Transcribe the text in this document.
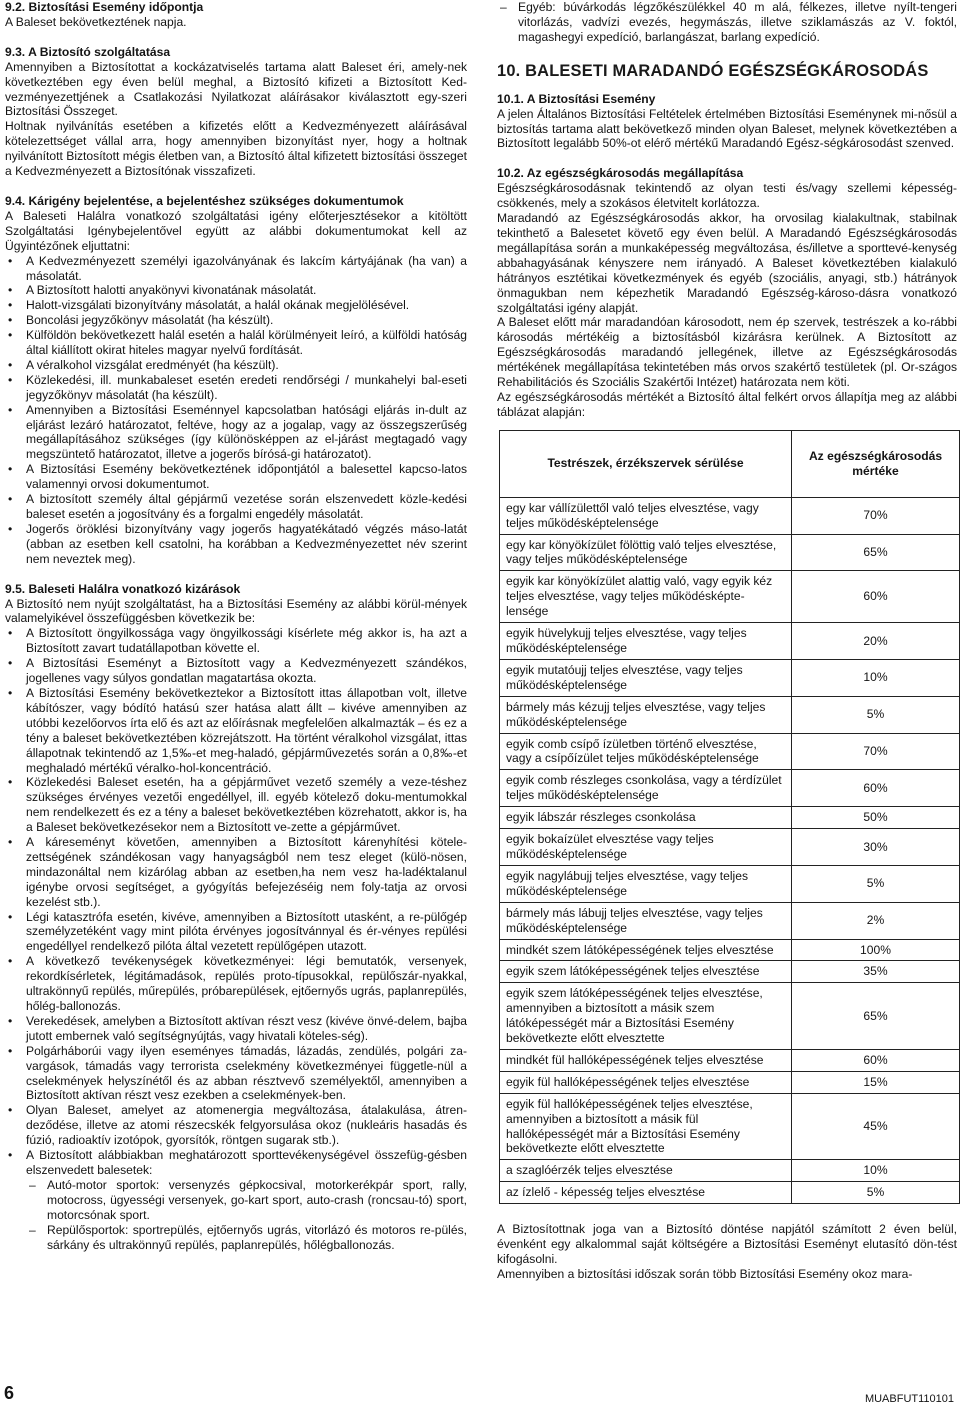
9.2. Biztosítási Esemény időpontja

A Baleset bekövetkeztének napja.

9.3. A Biztosító szolgáltatása

Amennyiben a Biztosítottat a kockázatviselés tartama alatt Baleset éri, amely-nek következtében egy éven belül meghal, a Biztosító kifizeti a Biztosított Ked-vezményezettjének a Csatlakozási Nyilatkozat aláírásakor kiválasztott egy-szeri Biztosítási Összeget.

Holtnak nyilvánítás esetében a kifizetés előtt a Kedvezményezett aláírásával kötelezettséget vállal arra, hogy amennyiben bizonyítást nyer, hogy a holtnak nyilvánított Biztosított mégis életben van, a Biztosító által kifizetett biztosítási összeget a Kedvezményezett a Biztosítónak visszafizeti.

9.4. Kárigény bejelentése, a bejelentéshez szükséges dokumentumok

A Baleseti Halálra vonatkozó szolgáltatási igény előterjesztésekor a kitöltött Szolgáltatási Igénybejelentővel együtt az alábbi dokumentumokat kell az Ügyintézőnek eljuttatni:

• A Kedvezményezett személyi igazolványának és lakcím kártyájának (ha van) a másolatát.
• A Biztosított halotti anyakönyvi kivonatának másolatát.
• Halott-vizsgálati bizonyítvány másolatát, a halál okának megjelölésével.
• Boncolási jegyzőkönyv másolatát (ha készült).
• Külföldön bekövetkezett halál esetén a halál körülményeit leíró, a külföldi hatóság által kiállított okirat hiteles magyar nyelvű fordítását.
• A véralkohol vizsgálat eredményét (ha készült).
• Közlekedési, ill. munkabaleset esetén eredeti rendőrségi / munkahelyi bal-eseti jegyzőkönyv másolatát (ha készült).
• Amennyiben a Biztosítási Eseménnyel kapcsolatban hatósági eljárás in-dult az eljárást lezáró határozatot, feltéve, hogy az a jogalap, vagy az összegszerűség megállapításához szükséges (így különösképpen az el-járást megtagadó vagy megszüntető határozatot, illetve a jogerős bírósá-gi határozatot).
• A Biztosítási Esemény bekövetkeztének időpontjától a balesettel kapcso-latos valamennyi orvosi dokumentumot.
• A biztosított személy által gépjármű vezetése során elszenvedett közle-kedési baleset esetén a jogosítvány és a forgalmi engedély másolatát.
• Jogerős öröklési bizonyítvány vagy jogerős hagyatékátadó végzés máso-latát (abban az esetben kell csatolni, ha korábban a Kedvezményezettet név szerint nem neveztek meg).
9.5. Baleseti Halálra vonatkozó kizárások

A Biztosító nem nyújt szolgáltatást, ha a Biztosítási Esemény az alábbi körül-mények valamelyikével összefüggésben következik be:

• A Biztosított öngyilkossága vagy öngyilkossági kísérlete még akkor is, ha azt a Biztosított zavart tudatállapotban követte el.
• A Biztosítási Eseményt a Biztosított vagy a Kedvezményezett szándékos, jogellenes vagy súlyos gondatlan magatartása okozta.
• A Biztosítási Esemény bekövetkeztekor a Biztosított ittas állapotban volt, illetve kábítószer, vagy bódító hatású szer hatása alatt állt – kivéve amennyiben az utóbbi kezelőorvos írta elő és azt az előírásnak megfelelően alkalmazták – és ez a tény a baleset bekövetkeztében közrejátszott. Ha történt véralkohol vizsgálat, ittas állapotnak tekintendő az 1,5‰-et meg-haladó, gépjárművezetés során a 0,8‰-et meghaladó mértékű véralko-hol-koncentráció.
• Közlekedési Baleset esetén, ha a gépjárművet vezető személy a veze-téshez szükséges érvényes vezetői engedéllyel, ill. egyéb kötelező doku-mentumokkal nem rendelkezett és ez a tény a baleset bekövetkeztében közrehatott, akkor is, ha a Baleset bekövetkezésekor nem a Biztosított ve-zette a gépjárművet.
• A káreseményt követően, amennyiben a Biztosított kárenyhítési kötele-zettségének szándékosan vagy hanyagságból nem tesz eleget (külö-nösen, mindazonáltal nem kizárólag abban az esetben,ha nem vesz ha-ladéktalanul igénybe orvosi segítséget, a gyógyítás befejezéséig nem foly-tatja az orvosi kezelést stb.).
• Légi katasztrófa esetén, kivéve, amennyiben a Biztosított utasként, a re-pülőgép személyzetéként vagy mint pilóta érvényes jogosítvánnyal és ér-vényes repülési engedéllyel rendelkező pilóta által vezetett repülőgépen utazott.
• A következő tevékenységek következményei: légi bemutatók, versenyek, rekordkísérletek, légitámadások, repülés proto-típusokkal, repülőszár-nyakkal, ultrakönnyű repülés, műrepülés, próbarepülések, ejtőernyős ugrás, paplanrepülés, hőlég-ballonozás.
• Verekedések, amelyben a Biztosított aktívan részt vesz (kivéve önvé-delem, bajba jutott embernek való segítségnyújtás, vagy hivatali köteles-ség).
• Polgárháborúi vagy ilyen eseményes támadás, lázadás, zendülés, polgári za-vargások, támadás vagy terrorista cselekmény következményei függetle-nül a cselekmények helyszínétől és az abban résztvevő személyektől, amennyiben a Biztosított aktívan részt vesz ezekben a cselekmények-ben.
• Olyan Baleset, amelyet az atomenergia megváltozása, átalakulása, átren-deződése, illetve az atomi részecskék felgyorsulása okoz (nukleáris hasadás és fúzió, radioaktív izotópok, gyorsítók, röntgen sugarak stb.).
• A Biztosított alábbiakban meghatározott sporttevékenységével összefüg-gésben elszenvedett balesetek:
– Autó-motor sportok: versenyzés gépkocsival, motorkerékpár sport, rally, motocross, ügyességi versenyek, go-kart sport, auto-crash (roncsau-tó) sport, motorcsónak sport.
– Repülősportok: sportrepülés, ejtőernyős ugrás, vitorlázó és motoros re-pülés, sárkány és ultrakönnyű repülés, paplanrepülés, hőlégballonozás.
– Egyéb: búvárkodás légzőkészülékkel 40 m alá, félkezes, illetve nyílt-tengeri vitorlázás, vadvízi evezés, hegymászás, illetve sziklamászás az V. foktól, magashegyi expedíció, barlangászat, barlang expedíció.
10. BALESETI MARADANDÓ EGÉSZSÉGKÁROSODÁS
10.1. A Biztosítási Esemény

A jelen Általános Biztosítási Feltételek értelmében Biztosítási Eseménynek mi-nősül a biztosítás tartama alatt bekövetkező minden olyan Baleset, melynek következtében a Biztosított legalább 50%-ot elérő mértékű Maradandó Egész-ségkárosodást szenved.

10.2. Az egészségkárosodás megállapítása

Egészségkárosodásnak tekintendő az olyan testi és/vagy szellemi képesség-csökkenés, mely a szokásos életvitelt korlátozza.

Maradandó az Egészségkárosodás akkor, ha orvosilag kialakultnak, stabilnak tekinthető a Balesetet követő egy éven belül. A Maradandó Egészségkárosodás megállapítása során a munkaképesség megváltozása, és/illetve a sporttevé-kenység abbahagyásának kényszere nem irányadó. A Baleset következtében kialakuló hátrányos esztétikai következmények és egyéb (szociális, anyagi, stb.) hátrányok önmagukban nem képezhetik Maradandó Egészség-károso-dásra vonatkozó szolgáltatási igény alapját.

A Baleset előtt már maradandóan károsodott, nem ép szervek, testrészek a ko-rábbi károsodás mértékéig a biztosításból kizárásra kerülnek. A Biztosított az Egészségkárosodás maradandó jellegének, illetve az Egészségkárosodás mértékének megállapítása tekintetében más orvos szakértő testületek (pl. Or-szágos Rehabilitációs és Szociális Szakértői Intézet) határozata nem köti.

Az egészségkárosodás mértékét a Biztosító által felkért orvos állapítja meg az alábbi táblázat alapján:

Testrészek, érzékszervek sérülése	Az egészségkárosodás mértéke
egy kar vállízülettől való teljes elvesztése, vagy teljes működésképtelensége	70%
egy kar könyökízület fölöttig való teljes elvesztése, vagy teljes működésképtelensége	65%
egyik kar könyökízület alattig való, vagy egyik kéz teljes elvesztése, vagy teljes működésképte-lensége	60%
egyik hüvelykujj teljes elvesztése, vagy teljes működésképtelensége	20%
egyik mutatóujj teljes elvesztése, vagy teljes működésképtelensége	10%
bármely más kézujj teljes elvesztése, vagy teljes működésképtelensége	5%
egyik comb csípő ízületben történő elvesztése, vagy a csípőízület teljes működésképtelensége	70%
egyik comb részleges csonkolása, vagy a térdízület teljes működésképtelensége	60%
egyik lábszár részleges csonkolása	50%
egyik bokaízület elvesztése vagy teljes működésképtelensége	30%
egyik nagylábujj teljes elvesztése, vagy teljes működésképtelensége	5%
bármely más lábujj teljes elvesztése, vagy teljes működésképtelensége	2%
mindkét szem látóképességének teljes elvesztése	100%
egyik szem látóképességének teljes elvesztése	35%
egyik szem látóképességének teljes elvesztése, amennyiben a biztosított a másik szem látóképességét már a Biztosítási Esemény bekövetkezte előtt elvesztette	65%
mindkét fül hallóképességének teljes elvesztése	60%
egyik fül hallóképességének teljes elvesztése	15%
egyik fül hallóképességének teljes elvesztése, amennyiben a biztosított a másik fül hallóképességét már a Biztosítási Esemény bekövetkezte előtt elvesztette	45%
a szaglóérzék teljes elvesztése	10%
az ízlelő - képesség teljes elvesztése	5%

A Biztosítottnak joga van a Biztosító döntése napjától számított 2 éven belül, évenként egy alkalommal saját költségére a Biztosítási Eseményt elutasító dön-tést kifogásolni.

Amennyiben a biztosítási időszak során több Biztosítási Esemény okoz mara-

6	MUABFUT110101
